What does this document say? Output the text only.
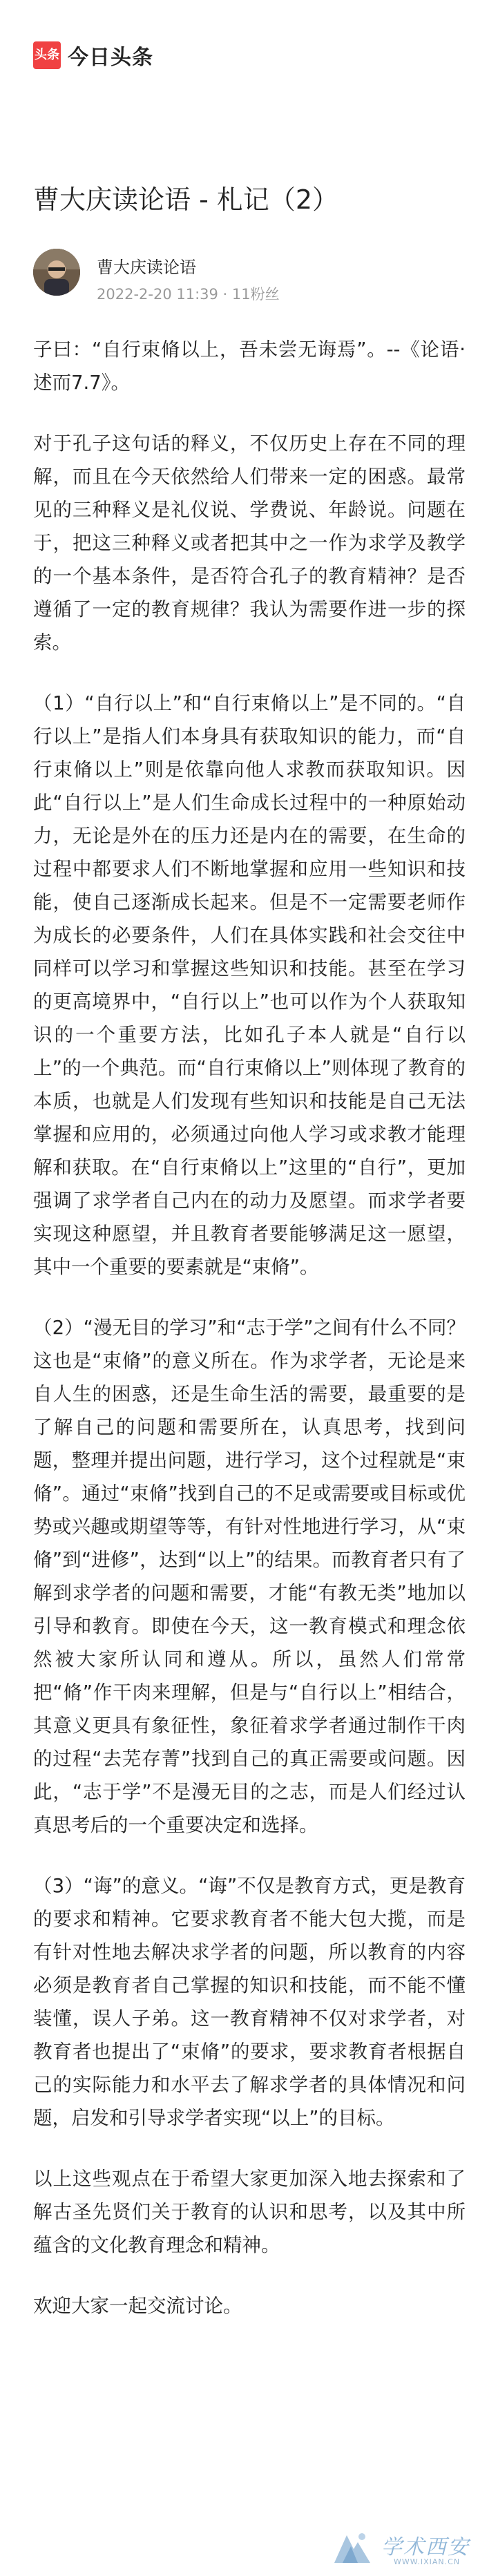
头条 今日头条
曹大庆读论语 - 札记（2）
曹大庆读论语
2022-2-20 11:39 · 11粉丝

子曰：“自行束脩以上，吾未尝无诲焉”。--《论语·述而7.7》。

对于孔子这句话的释义，不仅历史上存在不同的理解，而且在今天依然给人们带来一定的困惑。最常见的三种释义是礼仪说、学费说、年龄说。问题在于，把这三种释义或者把其中之一作为求学及教学的一个基本条件，是否符合孔子的教育精神？是否遵循了一定的教育规律？我认为需要作进一步的探索。

（1）“自行以上”和“自行束脩以上”是不同的。“自行以上”是指人们本身具有获取知识的能力，而“自行束脩以上”则是依靠向他人求教而获取知识。因此“自行以上”是人们生命成长过程中的一种原始动力，无论是外在的压力还是内在的需要，在生命的过程中都要求人们不断地掌握和应用一些知识和技能，使自己逐渐成长起来。但是不一定需要老师作为成长的必要条件，人们在具体实践和社会交往中同样可以学习和掌握这些知识和技能。甚至在学习的更高境界中，“自行以上”也可以作为个人获取知识的一个重要方法，比如孔子本人就是“自行以上”的一个典范。而“自行束脩以上”则体现了教育的本质，也就是人们发现有些知识和技能是自己无法掌握和应用的，必须通过向他人学习或求教才能理解和获取。在“自行束脩以上”这里的“自行”，更加强调了求学者自己内在的动力及愿望。而求学者要实现这种愿望，并且教育者要能够满足这一愿望，其中一个重要的要素就是“束脩”。

（2）“漫无目的学习”和“志于学”之间有什么不同？这也是“束脩”的意义所在。作为求学者，无论是来自人生的困惑，还是生命生活的需要，最重要的是了解自己的问题和需要所在，认真思考，找到问题，整理并提出问题，进行学习，这个过程就是“束脩”。通过“束脩”找到自己的不足或需要或目标或优势或兴趣或期望等等，有针对性地进行学习，从“束脩”到“进修”，达到“以上”的结果。而教育者只有了解到求学者的问题和需要，才能“有教无类”地加以引导和教育。即使在今天，这一教育模式和理念依然被大家所认同和遵从。所以，虽然人们常常把“脩”作干肉来理解，但是与“自行以上”相结合，其意义更具有象征性，象征着求学者通过制作干肉的过程“去芜存菁”找到自己的真正需要或问题。因此，“志于学”不是漫无目的之志，而是人们经过认真思考后的一个重要决定和选择。

（3）“诲”的意义。“诲”不仅是教育方式，更是教育的要求和精神。它要求教育者不能大包大揽，而是有针对性地去解决求学者的问题，所以教育的内容必须是教育者自己掌握的知识和技能，而不能不懂装懂，误人子弟。这一教育精神不仅对求学者，对教育者也提出了“束脩”的要求，要求教育者根据自己的实际能力和水平去了解求学者的具体情况和问题，启发和引导求学者实现“以上”的目标。

以上这些观点在于希望大家更加深入地去探索和了解古圣先贤们关于教育的认识和思考，以及其中所蕴含的文化教育理念和精神。

欢迎大家一起交流讨论。

学术西安
WWW.IXIAN.CN
